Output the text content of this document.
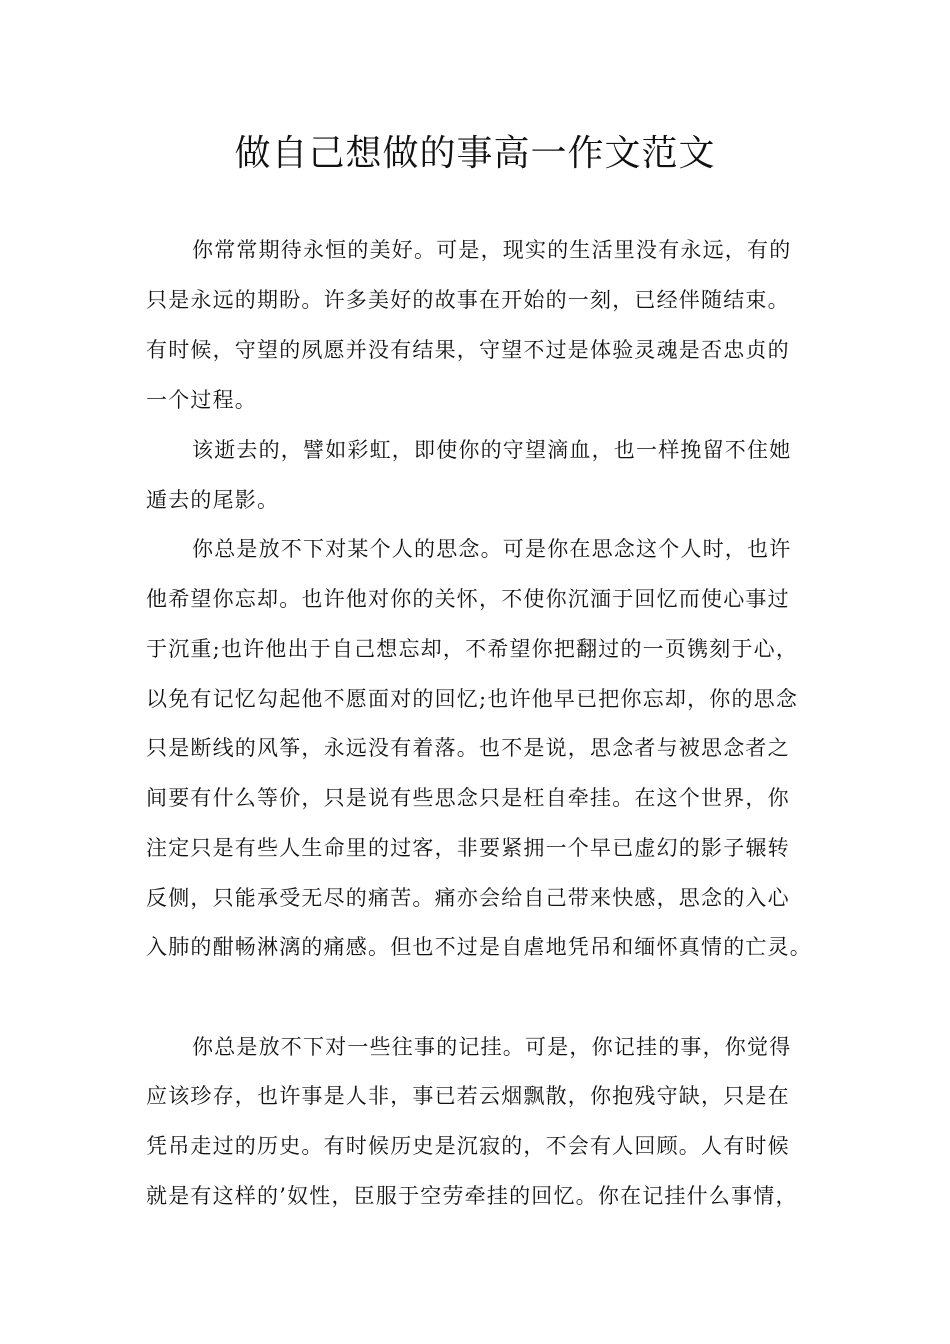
做自己想做的事高一作文范文
你常常期待永恒的美好。可是，现实的生活里没有永远，有的
只是永远的期盼。许多美好的故事在开始的一刻，已经伴随结束。
有时候，守望的夙愿并没有结果，守望不过是体验灵魂是否忠贞的
一个过程。
该逝去的，譬如彩虹，即使你的守望滴血，也一样挽留不住她
遁去的尾影。
你总是放不下对某个人的思念。可是你在思念这个人时，也许
他希望你忘却。也许他对你的关怀，不使你沉湎于回忆而使心事过
于沉重;也许他出于自己想忘却，不希望你把翻过的一页镌刻于心，
以免有记忆勾起他不愿面对的回忆;也许他早已把你忘却，你的思念
只是断线的风筝，永远没有着落。也不是说，思念者与被思念者之
间要有什么等价，只是说有些思念只是枉自牵挂。在这个世界，你
注定只是有些人生命里的过客，非要紧拥一个早已虚幻的影子辗转
反侧，只能承受无尽的痛苦。痛亦会给自己带来快感，思念的入心
入肺的酣畅淋漓的痛感。但也不过是自虐地凭吊和缅怀真情的亡灵。
你总是放不下对一些往事的记挂。可是，你记挂的事，你觉得
应该珍存，也许事是人非，事已若云烟飘散，你抱残守缺，只是在
凭吊走过的历史。有时候历史是沉寂的，不会有人回顾。人有时候
就是有这样的’奴性，臣服于空劳牵挂的回忆。你在记挂什么事情，
